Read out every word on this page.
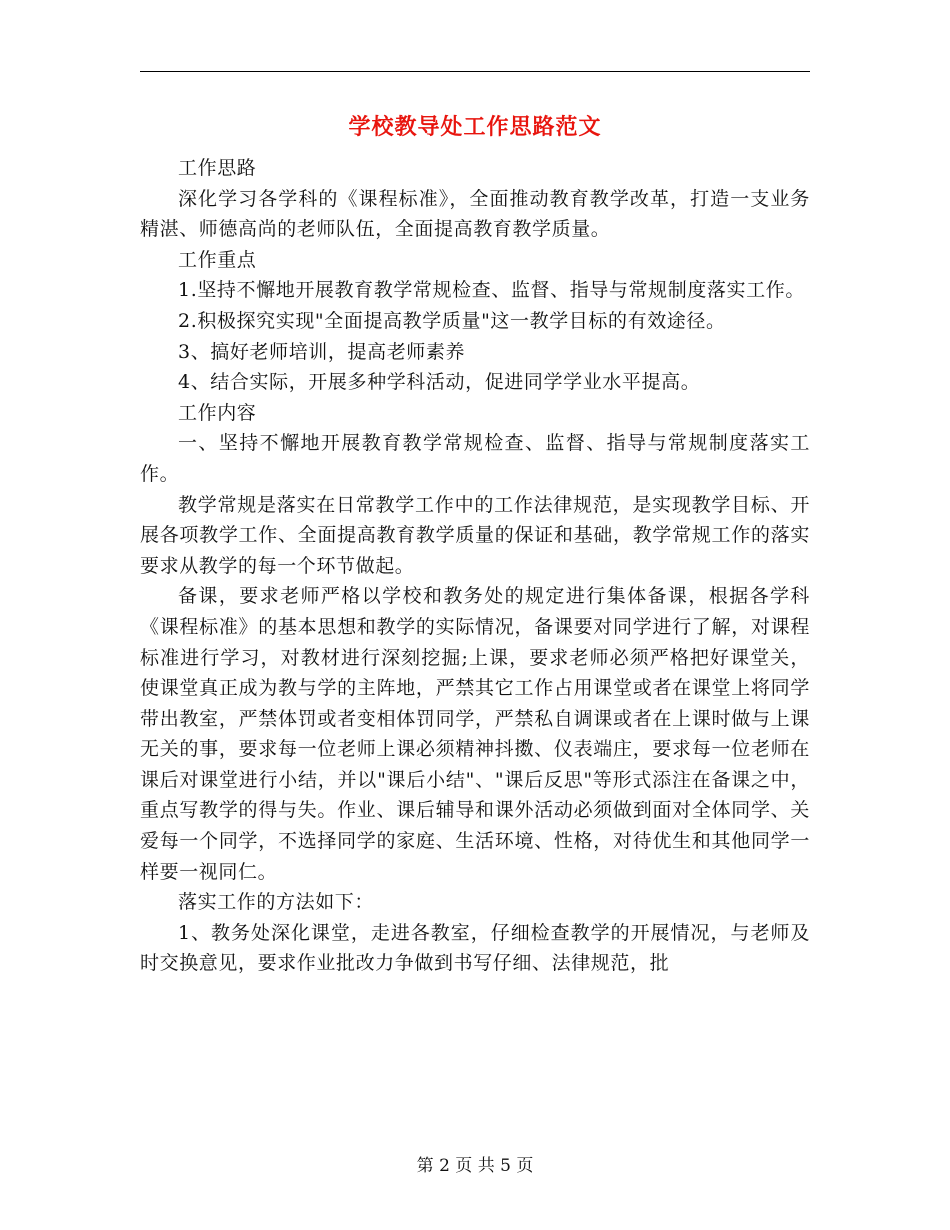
学校教导处工作思路范文

工作思路

深化学习各学科的《课程标准》，全面推动教育教学改革，打造一支业务精湛、师德高尚的老师队伍，全面提高教育教学质量。

工作重点

1.坚持不懈地开展教育教学常规检查、监督、指导与常规制度落实工作。

2.积极探究实现"全面提高教学质量"这一教学目标的有效途径。

3、搞好老师培训，提高老师素养

4、结合实际，开展多种学科活动，促进同学学业水平提高。

工作内容

一、坚持不懈地开展教育教学常规检查、监督、指导与常规制度落实工作。

教学常规是落实在日常教学工作中的工作法律规范，是实现教学目标、开展各项教学工作、全面提高教育教学质量的保证和基础，教学常规工作的落实要求从教学的每一个环节做起。

备课，要求老师严格以学校和教务处的规定进行集体备课，根据各学科《课程标准》的基本思想和教学的实际情况，备课要对同学进行了解，对课程标准进行学习，对教材进行深刻挖掘;上课，要求老师必须严格把好课堂关，使课堂真正成为教与学的主阵地，严禁其它工作占用课堂或者在课堂上将同学带出教室，严禁体罚或者变相体罚同学，严禁私自调课或者在上课时做与上课无关的事，要求每一位老师上课必须精神抖擞、仪表端庄，要求每一位老师在课后对课堂进行小结，并以"课后小结"、"课后反思"等形式添注在备课之中，重点写教学的得与失。作业、课后辅导和课外活动必须做到面对全体同学、关爱每一个同学，不选择同学的家庭、生活环境、性格，对待优生和其他同学一样要一视同仁。

落实工作的方法如下：

1、教务处深化课堂，走进各教室，仔细检查教学的开展情况，与老师及时交换意见，要求作业批改力争做到书写仔细、法律规范，批

第 2 页 共 5 页
